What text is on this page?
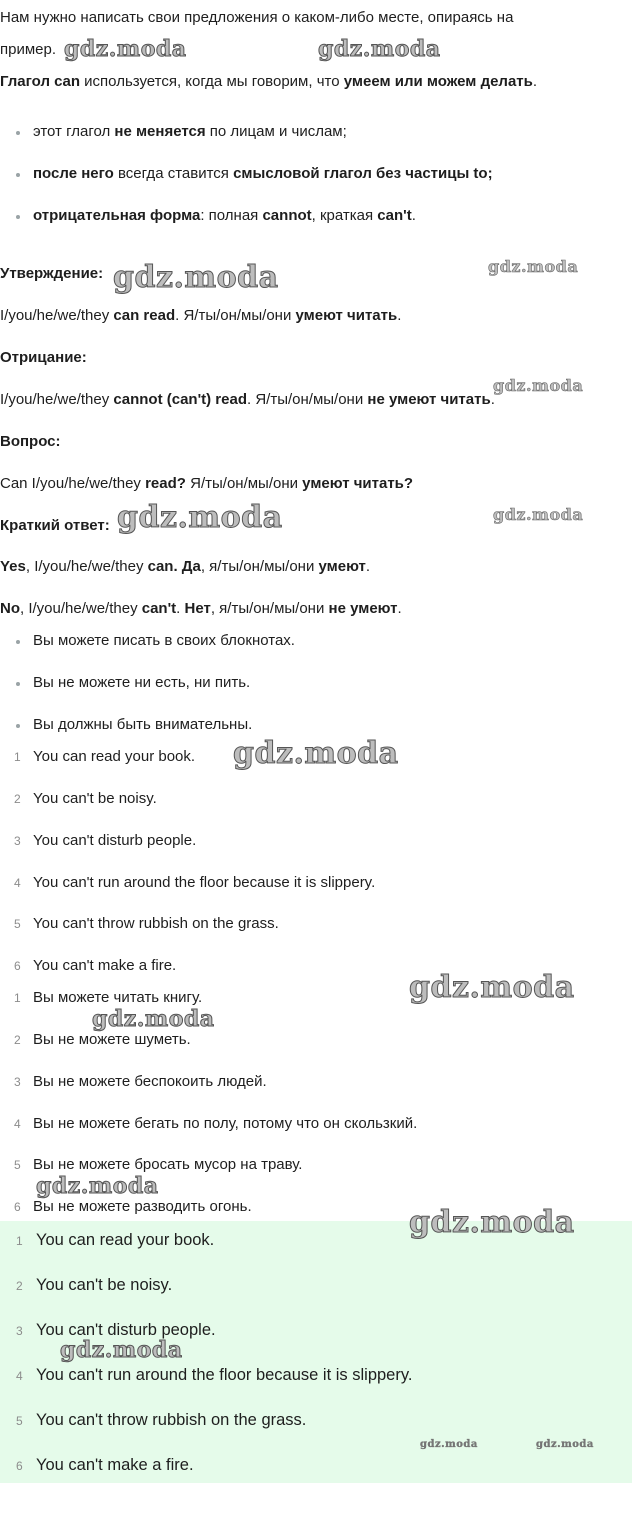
Нам нужно написать свои предложения о каком-либо месте, опираясь на
пример.
Глагол can используется, когда мы говорим, что умеем или можем делать.
этот глагол не меняется по лицам и числам;
после него всегда ставится смысловой глагол без частицы to;
отрицательная форма: полная cannot, краткая can't.
Утверждение:
I/you/he/we/they can read. Я/ты/он/мы/они умеют читать.
Отрицание:
I/you/he/we/they cannot (can't) read. Я/ты/он/мы/они не умеют читать.
Вопрос:
Can I/you/he/we/they read? Я/ты/он/мы/они умеют читать?
Краткий ответ:
Yes, I/you/he/we/they can. Да, я/ты/он/мы/они умеют.
No, I/you/he/we/they can't. Нет, я/ты/он/мы/они не умеют.
Вы можете писать в своих блокнотах.
Вы не можете ни есть, ни пить.
Вы должны быть внимательны.
1 You can read your book.
2 You can't be noisy.
3 You can't disturb people.
4 You can't run around the floor because it is slippery.
5 You can't throw rubbish on the grass.
6 You can't make a fire.
1 Вы можете читать книгу.
2 Вы не можете шуметь.
3 Вы не можете беспокоить людей.
4 Вы не можете бегать по полу, потому что он скользкий.
5 Вы не можете бросать мусор на траву.
6 Вы не можете разводить огонь.
1 You can read your book.
2 You can't be noisy.
3 You can't disturb people.
4 You can't run around the floor because it is slippery.
5 You can't throw rubbish on the grass.
6 You can't make a fire.
gdz.moda	gdz.moda
gdz.moda	gdz.moda
gdz.moda
gdz.moda	gdz.moda
gdz.moda
gdz.moda
gdz.moda
gdz.moda
gdz.moda
gdz.moda
gdz.moda	gdz.moda
